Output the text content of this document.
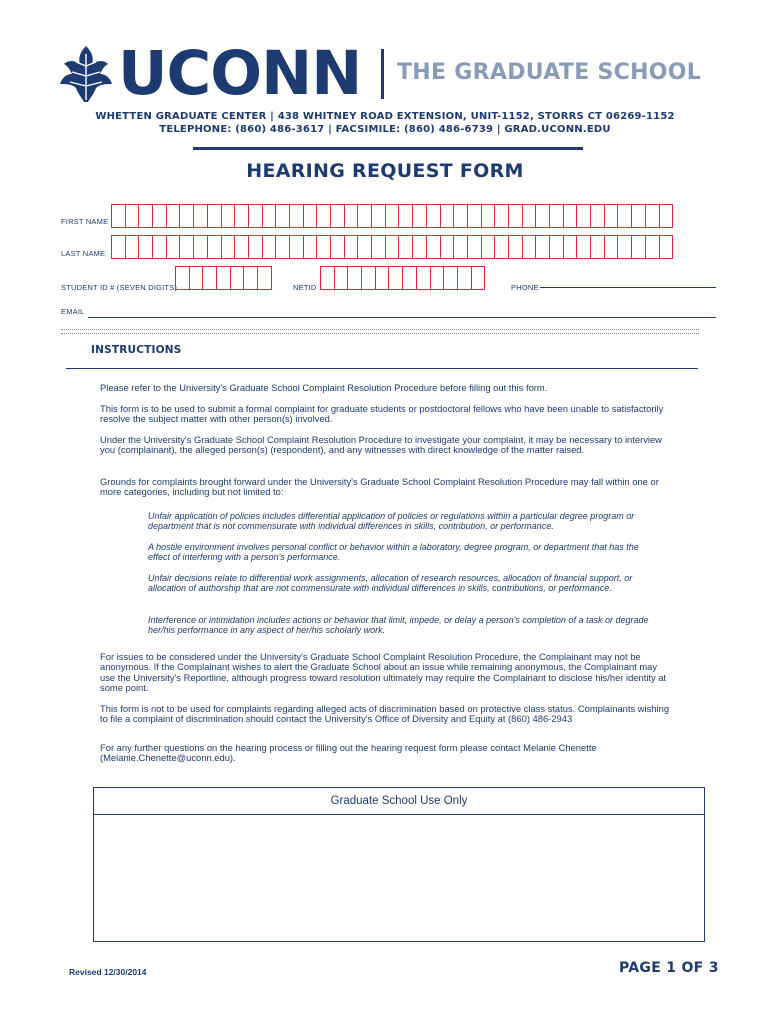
UCONN THE GRADUATE SCHOOL
WHETTEN GRADUATE CENTER | 438 WHITNEY ROAD EXTENSION, UNIT-1152, STORRS CT 06269-1152
TELEPHONE: (860) 486-3617 | FACSIMILE: (860) 486-6739 | GRAD.UCONN.EDU
HEARING REQUEST FORM
FIRST NAME
LAST NAME
STUDENT ID # (SEVEN DIGITS)	NETID	PHONE
EMAIL
INSTRUCTIONS
Please refer to the University's Graduate School Complaint Resolution Procedure before filling out this form.
This form is to be used to submit a formal complaint for graduate students or postdoctoral fellows who have been unable to satisfactorily resolve the subject matter with other person(s) involved.
Under the University's Graduate School Complaint Resolution Procedure to investigate your complaint, it may be necessary to interview you (complainant), the alleged person(s) (respondent), and any witnesses with direct knowledge of the matter raised.
Grounds for complaints brought forward under the University's Graduate School Complaint Resolution Procedure may fall within one or more categories, including but not limited to:
Unfair application of policies includes differential application of policies or regulations within a particular degree program or department that is not commensurate with individual differences in skills, contribution, or performance.
A hostile environment involves personal conflict or behavior within a laboratory, degree program, or department that has the effect of interfering with a person's performance.
Unfair decisions relate to differential work assignments, allocation of research resources, allocation of financial support, or allocation of authorship that are not commensurate with individual differences in skills, contributions, or performance.
Interference or intimidation includes actions or behavior that limit, impede, or delay a person's completion of a task or degrade her/his performance in any aspect of her/his scholarly work.
For issues to be considered under the University's Graduate School Complaint Resolution Procedure, the Complainant may not be anonymous. If the Complainant wishes to alert the Graduate School about an issue while remaining anonymous, the Complainant may use the University's Reportline, although progress toward resolution ultimately may require the Complainant to disclose his/her identity at some point.
This form is not to be used for complaints regarding alleged acts of discrimination based on protective class status. Complainants wishing to file a complaint of discrimination should contact the University's Office of Diversity and Equity at (860) 486-2943
For any further questions on the hearing process or filling out the hearing request form please contact Melanie Chenette (Melanie.Chenette@uconn.edu).
Graduate School Use Only
Revised 12/30/2014	PAGE 1 OF 3
